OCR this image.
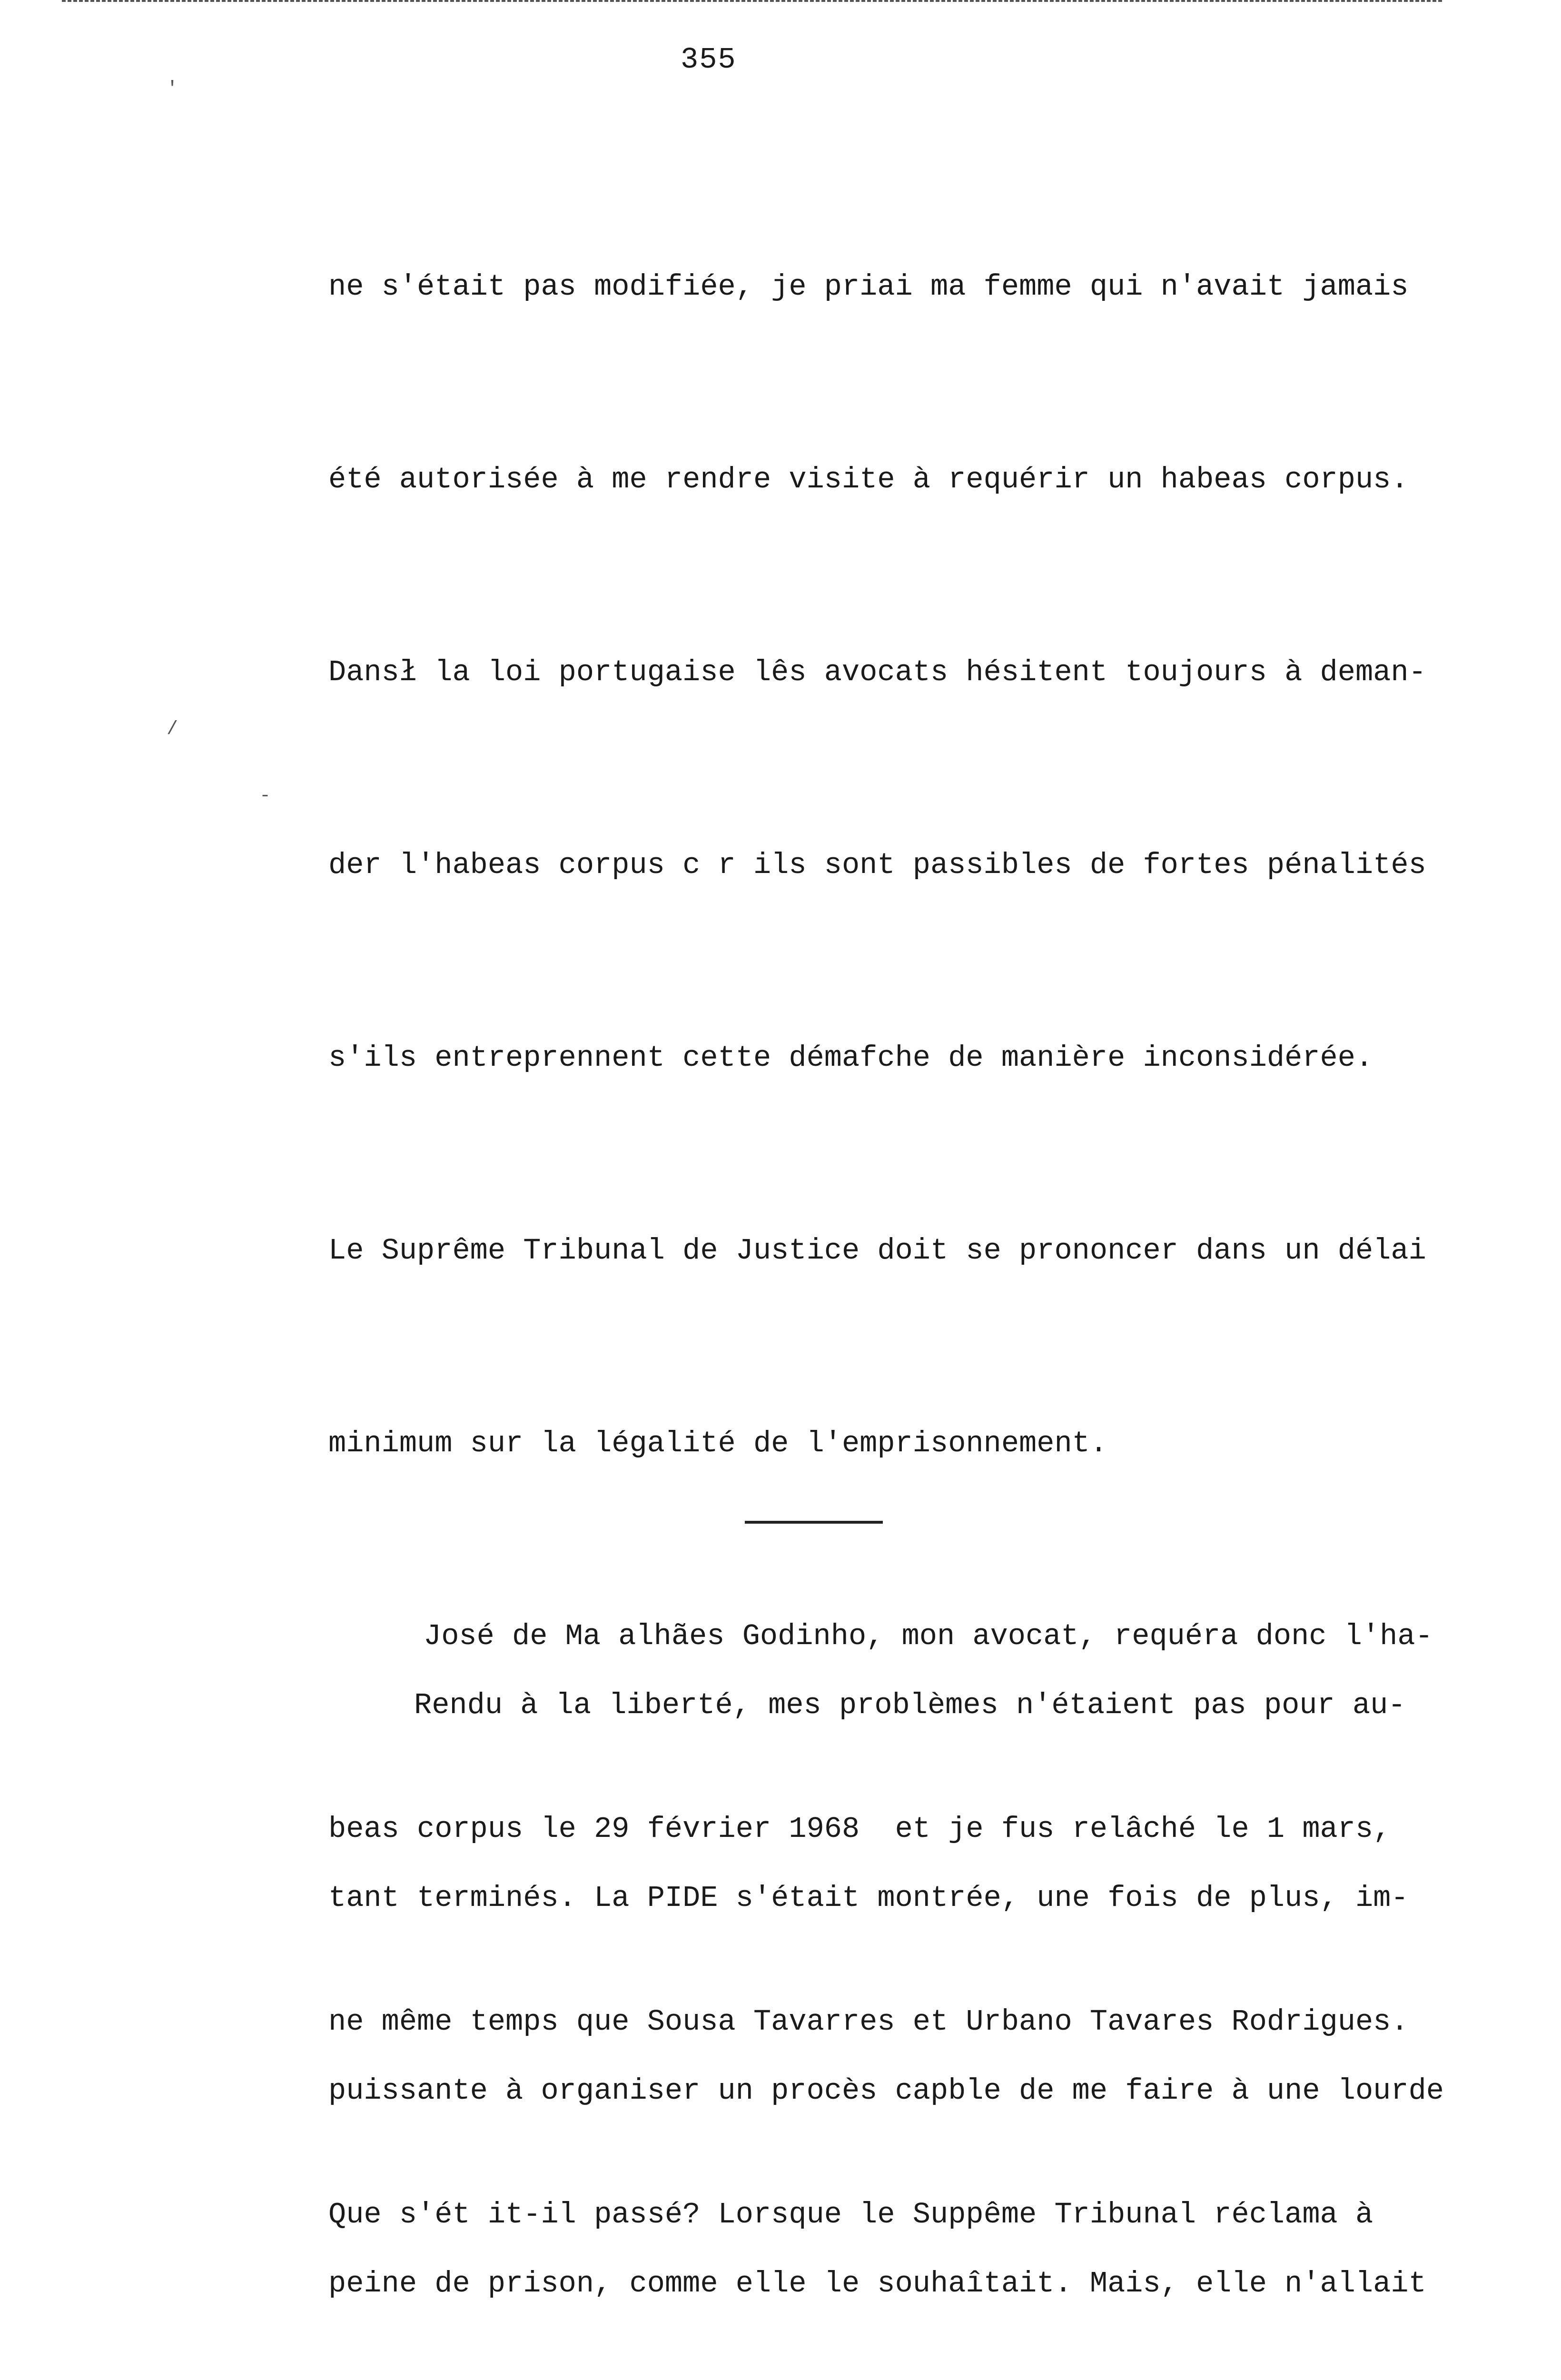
355
'
/
-

ne s'était pas modifiée, je priai ma femme qui n'avait jamais

été autorisée à me rendre visite à requérir un habeas corpus.

Dansł la loi portugaise lês avocats hésitent toujours à deman-

der l'habeas corpus c r ils sont passibles de fortes pénalités

s'ils entreprennent cette démafche de manière inconsidérée.

Le Suprême Tribunal de Justice doit se prononcer dans un délai

minimum sur la légalité de l'emprisonnement.

José de Ma alhães Godinho, mon avocat, requéra donc l'ha-

beas corpus le 29 février 1968  et je fus relâché le 1 mars,

ne même temps que Sousa Tavarres et Urbano Tavares Rodrigues.

Que s'ét it-il passé? Lorsque le Suppême Tribunal réclama à

Rendu à la liberté, mes problèmes n'étaient pas pour au-

tant terminés. La PIDE s'était montrée, une fois de plus, im-

puissante à organiser un procès capble de me faire à une lourde

peine de prison, comme elle le souhaîtait. Mais, elle n'allait
